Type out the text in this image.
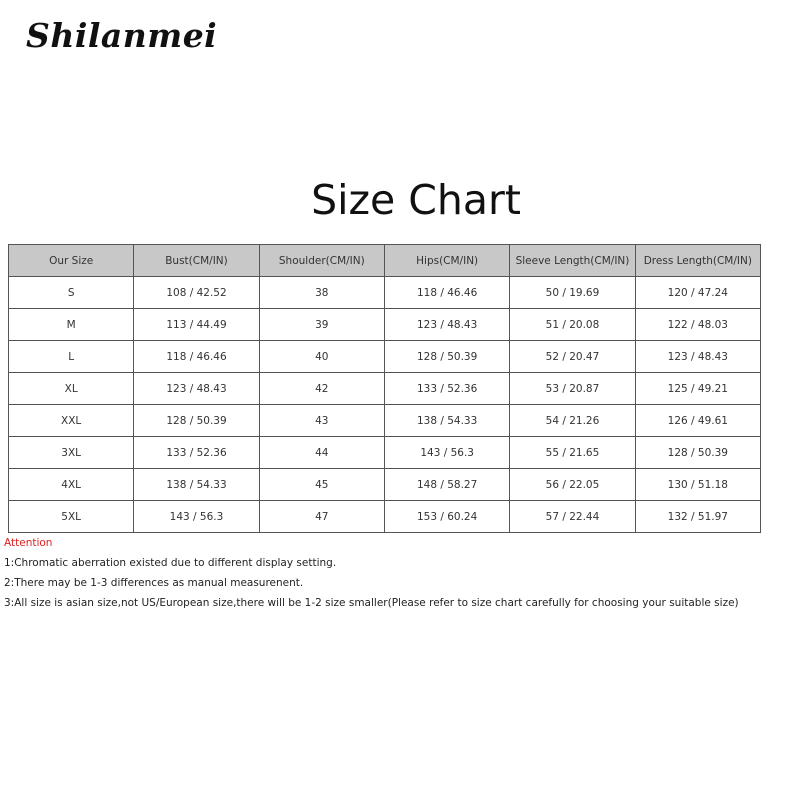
Shilanmei
Size Chart
Our Size	Bust(CM/IN)	Shoulder(CM/IN)	Hips(CM/IN)	Sleeve Length(CM/IN)	Dress Length(CM/IN)
S	108 / 42.52	38	118 / 46.46	50 / 19.69	120 / 47.24
M	113 / 44.49	39	123 / 48.43	51 / 20.08	122 / 48.03
L	118 / 46.46	40	128 / 50.39	52 / 20.47	123 / 48.43
XL	123 / 48.43	42	133 / 52.36	53 / 20.87	125 / 49.21
XXL	128 / 50.39	43	138 / 54.33	54 / 21.26	126 / 49.61
3XL	133 / 52.36	44	143 / 56.3	55 / 21.65	128 / 50.39
4XL	138 / 54.33	45	148 / 58.27	56 / 22.05	130 / 51.18
5XL	143 / 56.3	47	153 / 60.24	57 / 22.44	132 / 51.97
Attention
1:Chromatic aberration existed due to different display setting.
2:There may be 1-3 differences as manual measurenent.
3:All size is asian size,not US/European size,there will be 1-2 size smaller(Please refer to size chart carefully for choosing your suitable size)
